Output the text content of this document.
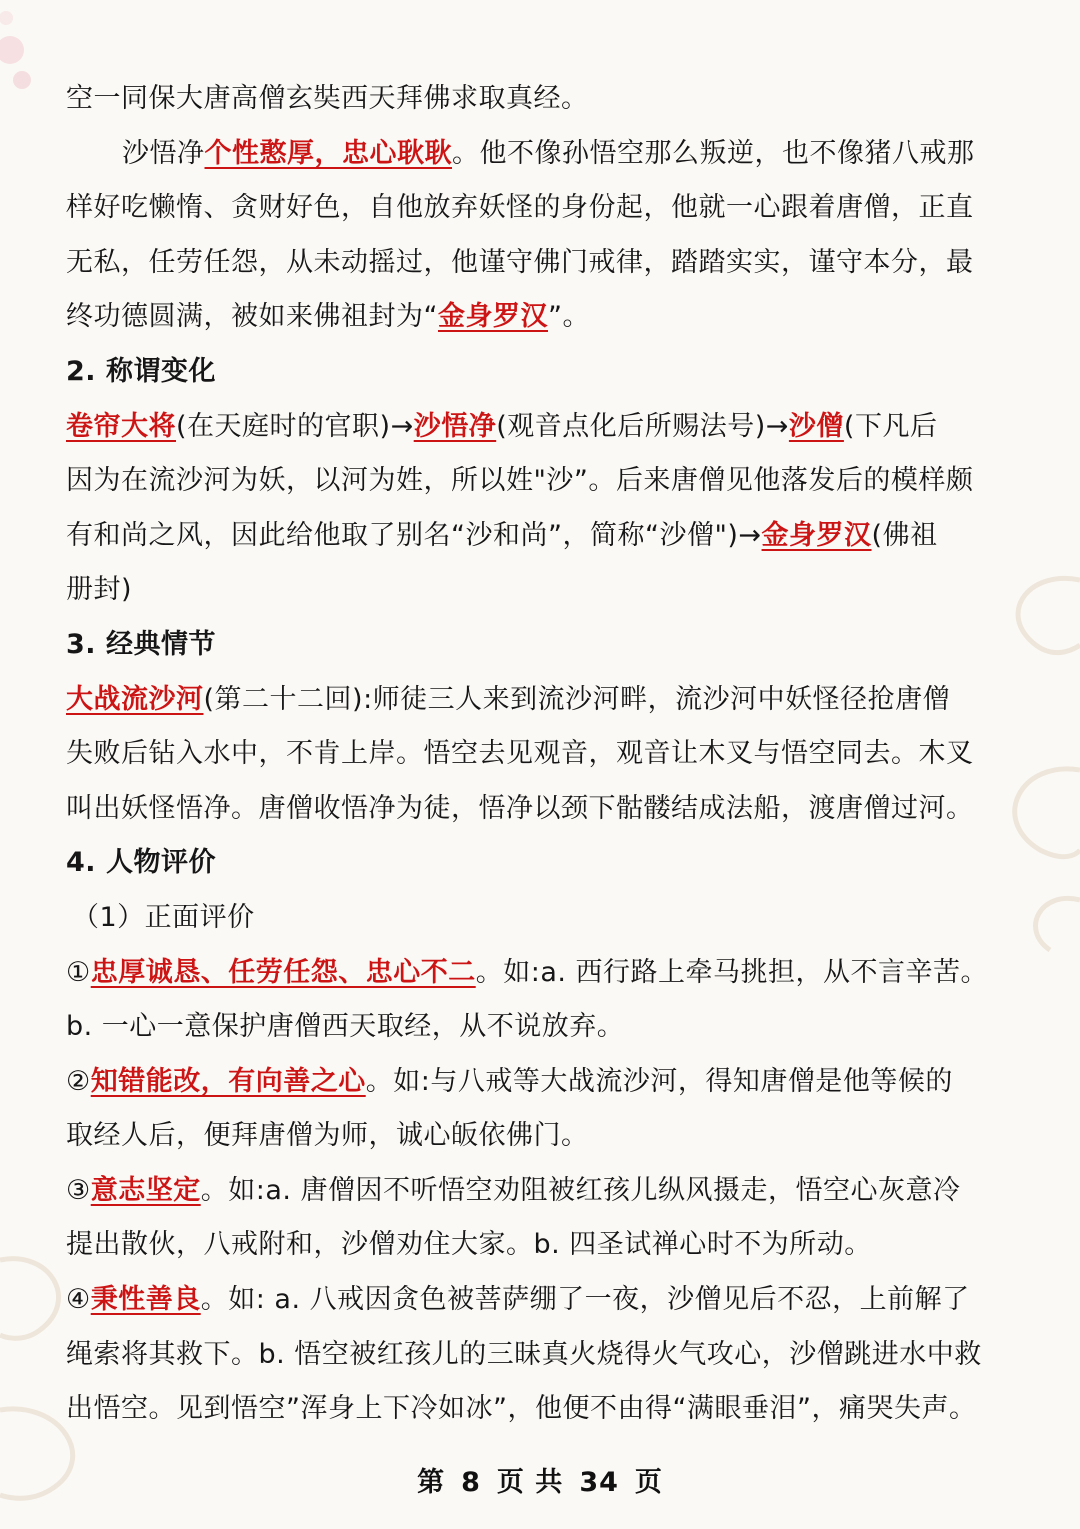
空一同保大唐高僧玄奘西天拜佛求取真经。
沙悟净个性憨厚，忠心耿耿。他不像孙悟空那么叛逆，也不像猪八戒那
样好吃懒惰、贪财好色，自他放弃妖怪的身份起，他就一心跟着唐僧，正直
无私，任劳任怨，从未动摇过，他谨守佛门戒律，踏踏实实，谨守本分，最
终功德圆满，被如来佛祖封为“金身罗汉”。
2. 称谓变化
卷帘大将(在天庭时的官职)→沙悟净(观音点化后所赐法号)→沙僧(下凡后
因为在流沙河为妖，以河为姓，所以姓"沙”。后来唐僧见他落发后的模样颇
有和尚之风，因此给他取了别名“沙和尚”，简称“沙僧")→金身罗汉(佛祖
册封)
3. 经典情节
大战流沙河(第二十二回):师徒三人来到流沙河畔，流沙河中妖怪径抢唐僧
失败后钻入水中，不肯上岸。悟空去见观音，观音让木叉与悟空同去。木叉
叫出妖怪悟净。唐僧收悟净为徒，悟净以颈下骷髅结成法船，渡唐僧过河。
4. 人物评价
（1）正面评价
①忠厚诚恳、任劳任怨、忠心不二。如:a. 西行路上牵马挑担，从不言辛苦。
b. 一心一意保护唐僧西天取经，从不说放弃。
②知错能改，有向善之心。如:与八戒等大战流沙河，得知唐僧是他等候的
取经人后，便拜唐僧为师，诚心皈依佛门。
③意志坚定。如:a. 唐僧因不听悟空劝阻被红孩儿纵风摄走，悟空心灰意冷
提出散伙，八戒附和，沙僧劝住大家。b. 四圣试禅心时不为所动。
④秉性善良。如: a. 八戒因贪色被菩萨绷了一夜，沙僧见后不忍，上前解了
绳索将其救下。b. 悟空被红孩儿的三昧真火烧得火气攻心，沙僧跳进水中救
出悟空。见到悟空”浑身上下冷如冰”，他便不由得“满眼垂泪”，痛哭失声。
第 8 页 共 34 页
